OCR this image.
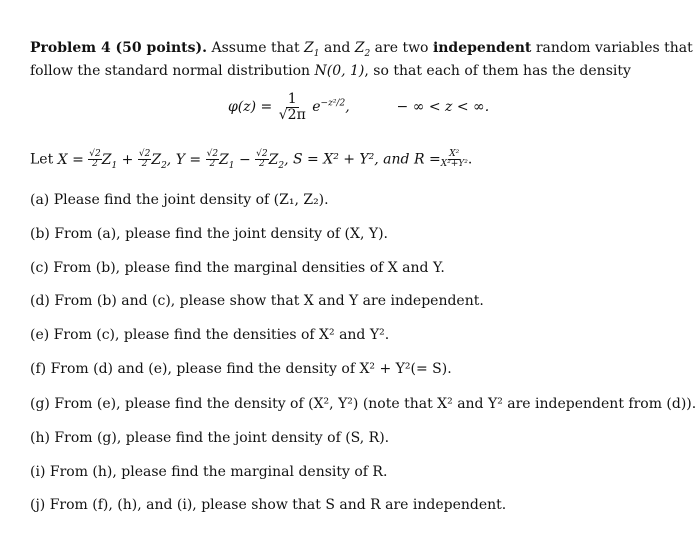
Problem 4 (50 points). Assume that $Z_1$ and $Z_2$ are two independent random variables that
follow the standard normal distribution N(0, 1), so that each of them has the density
$\varphi(z) = \frac{1}{√2\pi} e^{-z^2/2}$,	− ∞ < z < ∞.
Let $X = \frac{√2}{2} Z_1 + \frac{√2}{2} Z_2$, $Y = \frac{√2}{2} Z_1 - \frac{√2}{2} Z_2$, S = X² + Y², and $R = \frac{\text{X²}}{\text{X²+Y²}}$ .
(a) Please find the joint density of (Z₁, Z₂).
(b) From (a), please find the joint density of (X, Y).
(c) From (b), please find the marginal densities of X and Y.
(d) From (b) and (c), please show that X and Y are independent.
(e) From (c), please find the densities of X² and Y².
(f) From (d) and (e), please find the density of X² + Y²(= S).
(g) From (e), please find the density of (X², Y²) (note that X² and Y² are independent from (d)).
(h) From (g), please find the joint density of (S, R).
(i) From (h), please find the marginal density of R.
(j) From (f), (h), and (i), please show that S and R are independent.
